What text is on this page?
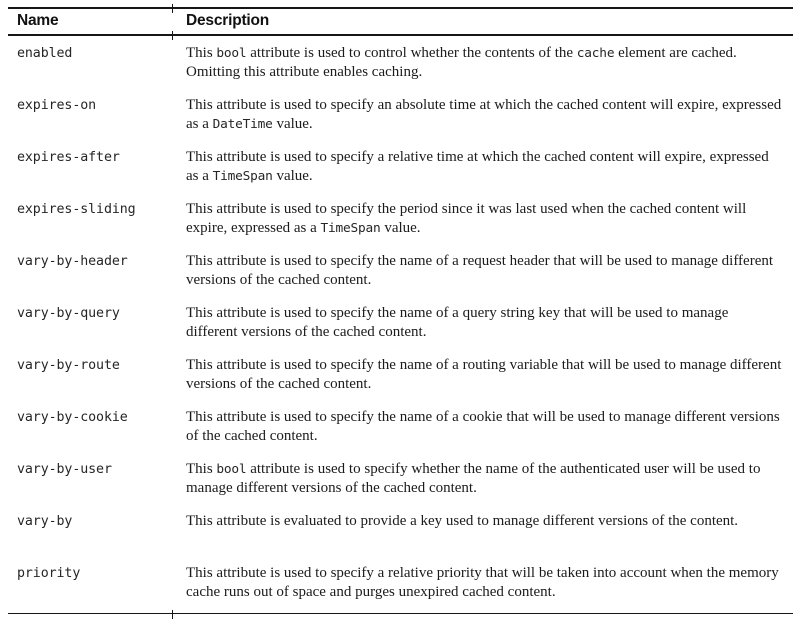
Name	Description
enabled	This bool attribute is used to control whether the contents of the cache element are cached. Omitting this attribute enables caching.
expires-on	This attribute is used to specify an absolute time at which the cached content will expire, expressed as a DateTime value.
expires-after	This attribute is used to specify a relative time at which the cached content will expire, expressed as a TimeSpan value.
expires-sliding	This attribute is used to specify the period since it was last used when the cached content will expire, expressed as a TimeSpan value.
vary-by-header	This attribute is used to specify the name of a request header that will be used to manage different versions of the cached content.
vary-by-query	This attribute is used to specify the name of a query string key that will be used to manage different versions of the cached content.
vary-by-route	This attribute is used to specify the name of a routing variable that will be used to manage different versions of the cached content.
vary-by-cookie	This attribute is used to specify the name of a cookie that will be used to manage different versions of the cached content.
vary-by-user	This bool attribute is used to specify whether the name of the authenticated user will be used to manage different versions of the cached content.
vary-by	This attribute is evaluated to provide a key used to manage different versions of the content.
priority	This attribute is used to specify a relative priority that will be taken into account when the memory cache runs out of space and purges unexpired cached content.
